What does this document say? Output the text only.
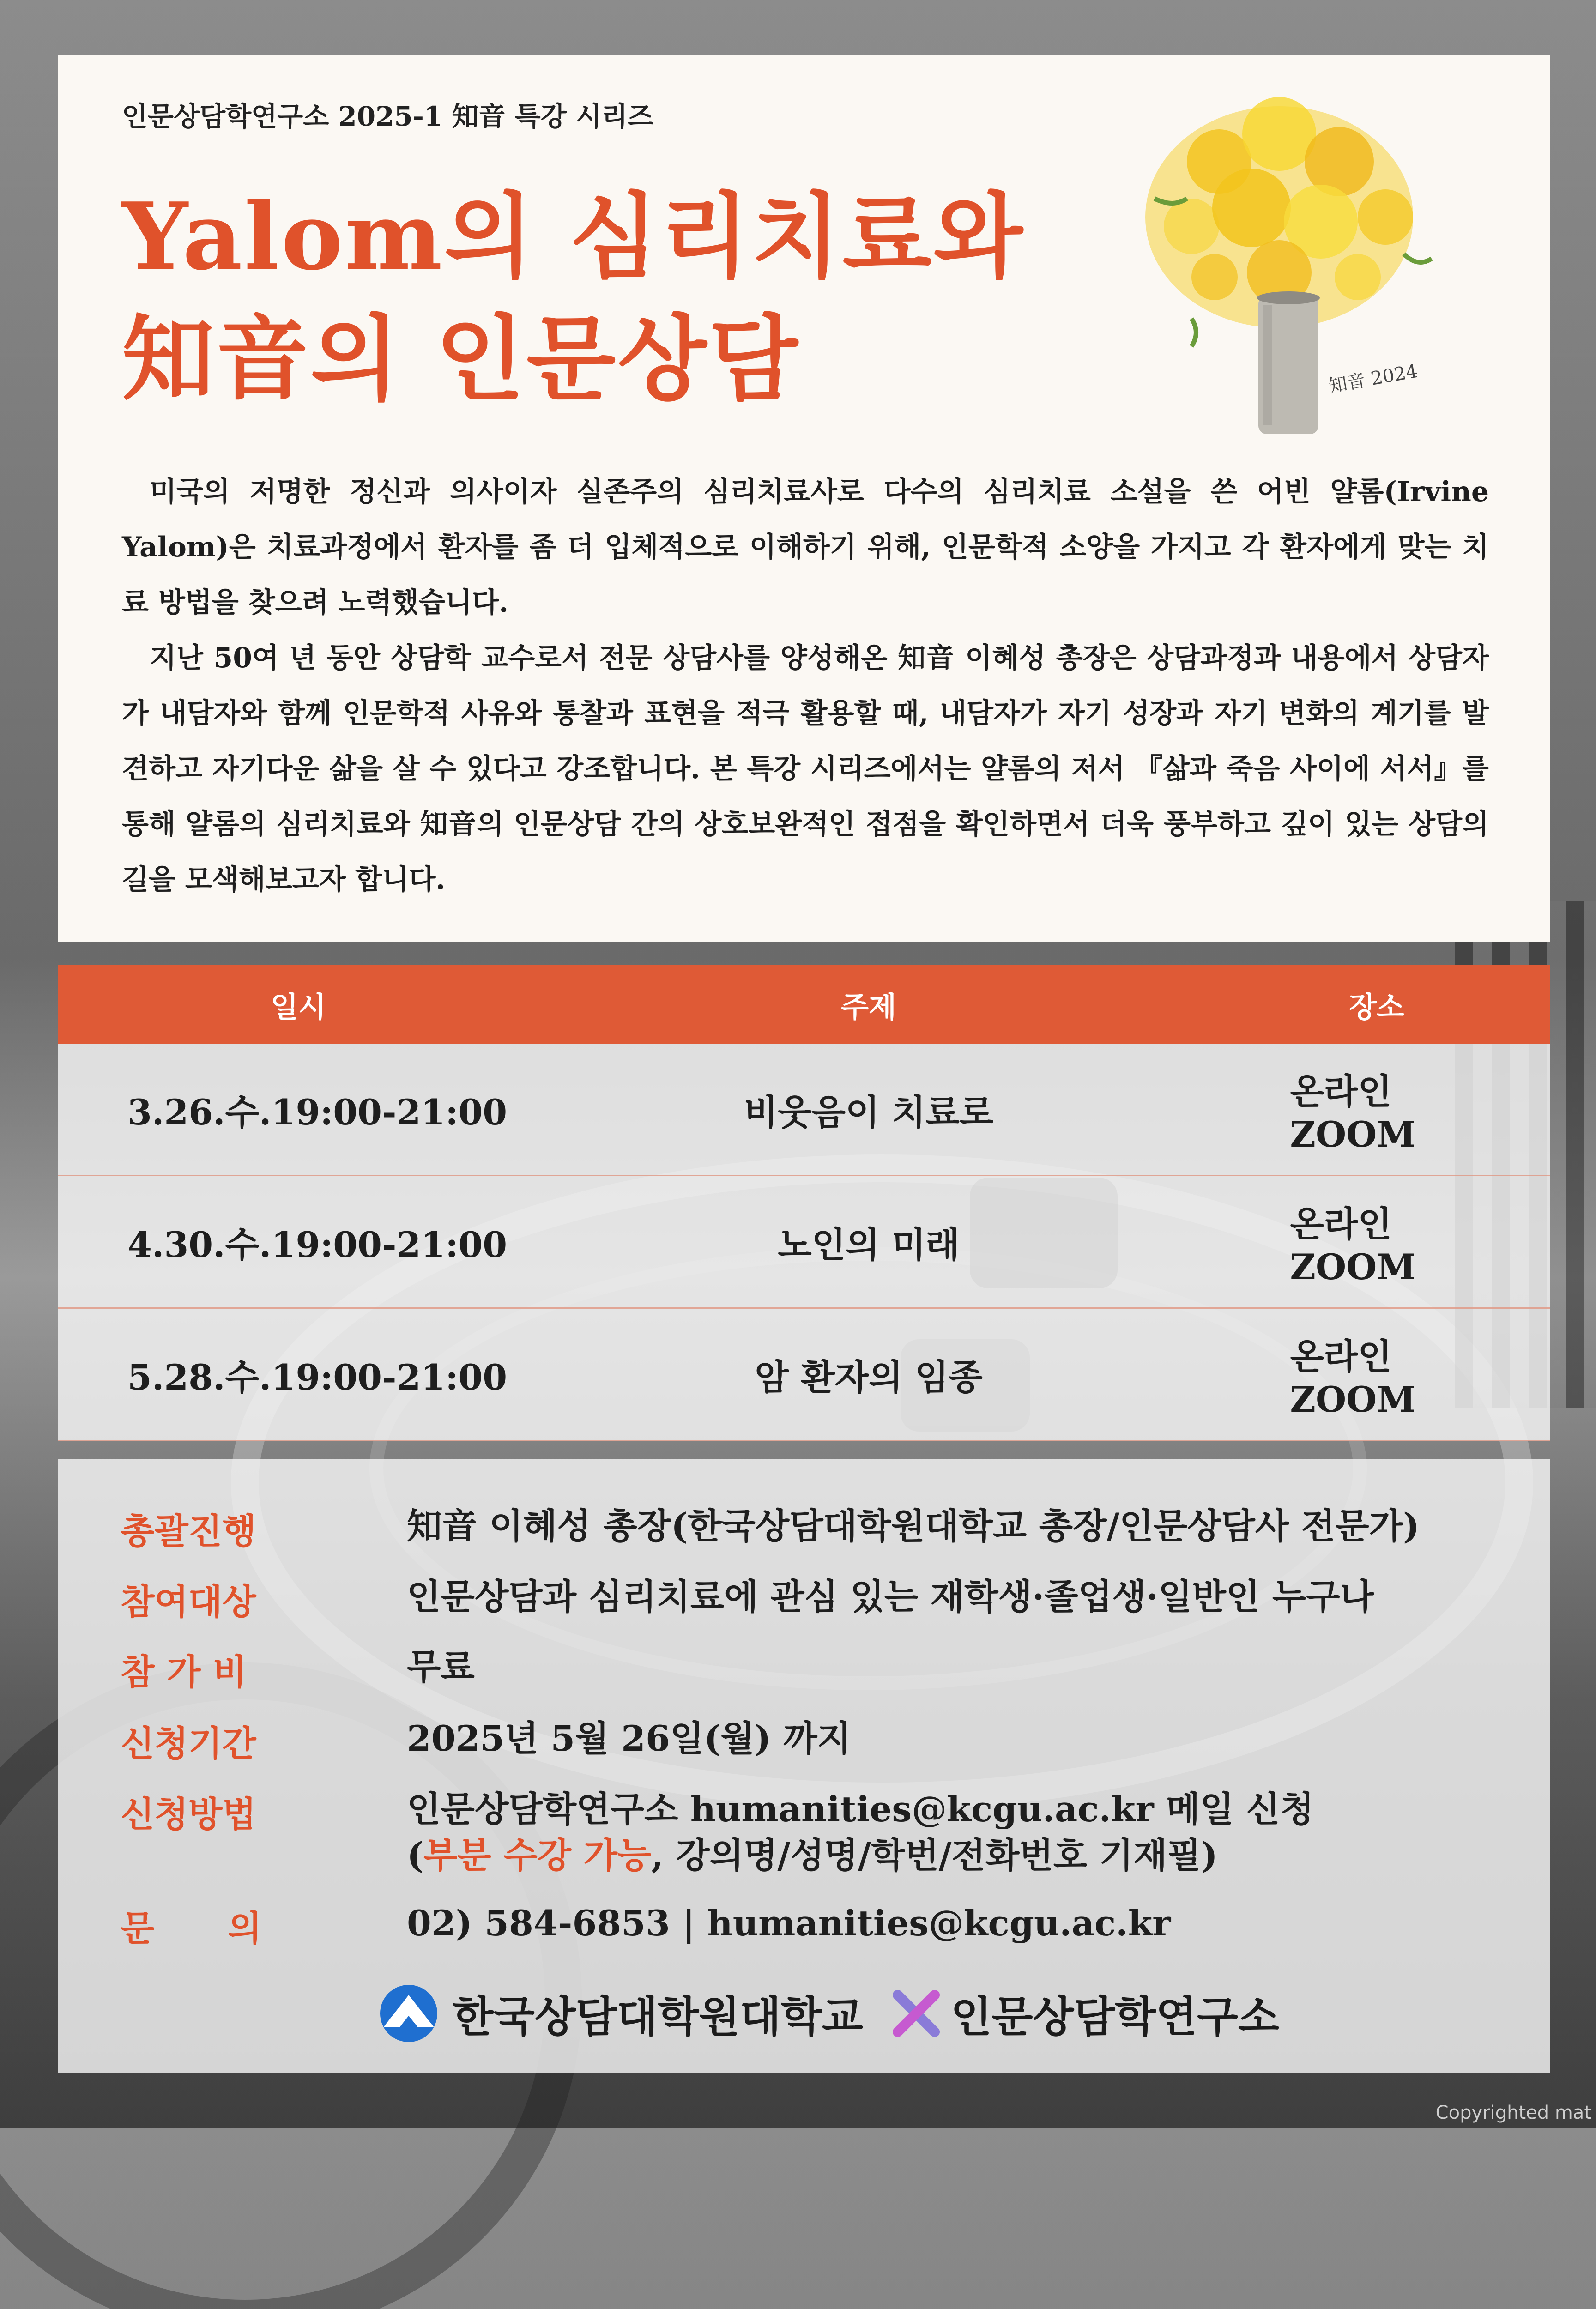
인문상담학연구소 2025-1 知音 특강 시리즈
Yalom의 심리치료와
知音의 인문상담	知音 2024

미국의 저명한 정신과 의사이자 실존주의 심리치료사로 다수의 심리치료 소설을 쓴 어빈 얄롬(Irvine Yalom)은 치료과정에서 환자를 좀 더 입체적으로 이해하기 위해, 인문학적 소양을 가지고 각 환자에게 맞는 치료 방법을 찾으려 노력했습니다.

지난 50여 년 동안 상담학 교수로서 전문 상담사를 양성해온 知音 이혜성 총장은 상담과정과 내용에서 상담자가 내담자와 함께 인문학적 사유와 통찰과 표현을 적극 활용할 때, 내담자가 자기 성장과 자기 변화의 계기를 발견하고 자기다운 삶을 살 수 있다고 강조합니다. 본 특강 시리즈에서는 얄롬의 저서 『삶과 죽음 사이에 서서』를 통해 얄롬의 심리치료와 知音의 인문상담 간의 상호보완적인 접점을 확인하면서 더욱 풍부하고 깊이 있는 상담의 길을 모색해보고자 합니다.

일시	주제	장소
3.26.수.19:00-21:00	비웃음이 치료로	온라인 ZOOM
4.30.수.19:00-21:00	노인의 미래	온라인 ZOOM
5.28.수.19:00-21:00	암 환자의 임종	온라인 ZOOM
총괄진행	知音 이혜성 총장(한국상담대학원대학교 총장/인문상담사 전문가)
참여대상	인문상담과 심리치료에 관심 있는 재학생·졸업생·일반인 누구나
참 가 비	무료
신청기간	2025년 5월 26일(월) 까지
신청방법	인문상담학연구소 humanities@kcgu.ac.kr 메일 신청
(부분 수강 가능, 강의명/성명/학번/전화번호 기재필)
문      의	02) 584-6853 | humanities@kcgu.ac.kr
한국상담대학원대학교 인문상담학연구소
Copyrighted mat
